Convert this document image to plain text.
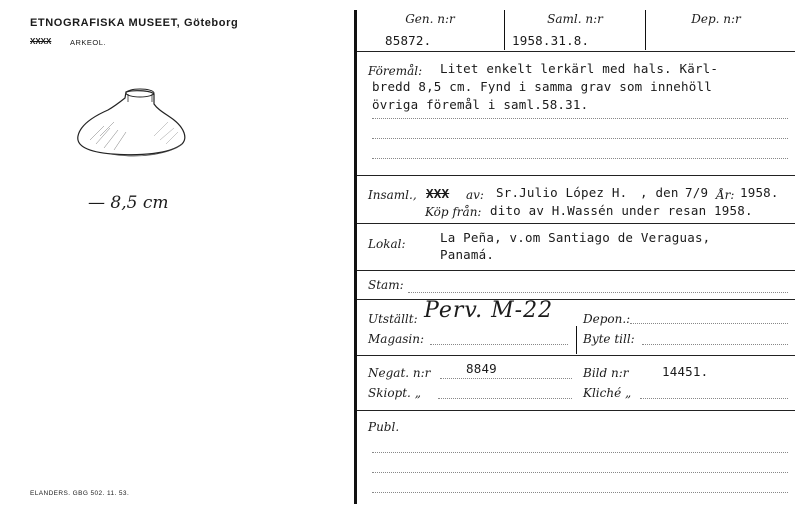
ETNOGRAFISKA MUSEET, Göteborg
XXXX ARKEOL.
— 8,5 cm
ELANDERS. GBG 502. 11. 53.
Gen. n:r	Saml. n:r	Dep. n:r
85872.	1958.31.8.
Föremål: Litet enkelt lerkärl med hals. Kärl-
bredd 8,5 cm. Fynd i samma grav som innehöll
övriga föremål i saml.58.31.
Insaml., XXX av: Sr.Julio López H. , den 7/9 År: 1958.
Köp från: dito av H.Wassén under resan 1958.
Lokal:	La Peña, v.om Santiago de Veraguas,
Panamá.
Stam:
Utställt: Perv. M-22 Depon.:
Magasin:	Byte till:
Negat. n:r	8849	Bild n:r	14451.
Skiopt. „	Kliché „
Publ.
